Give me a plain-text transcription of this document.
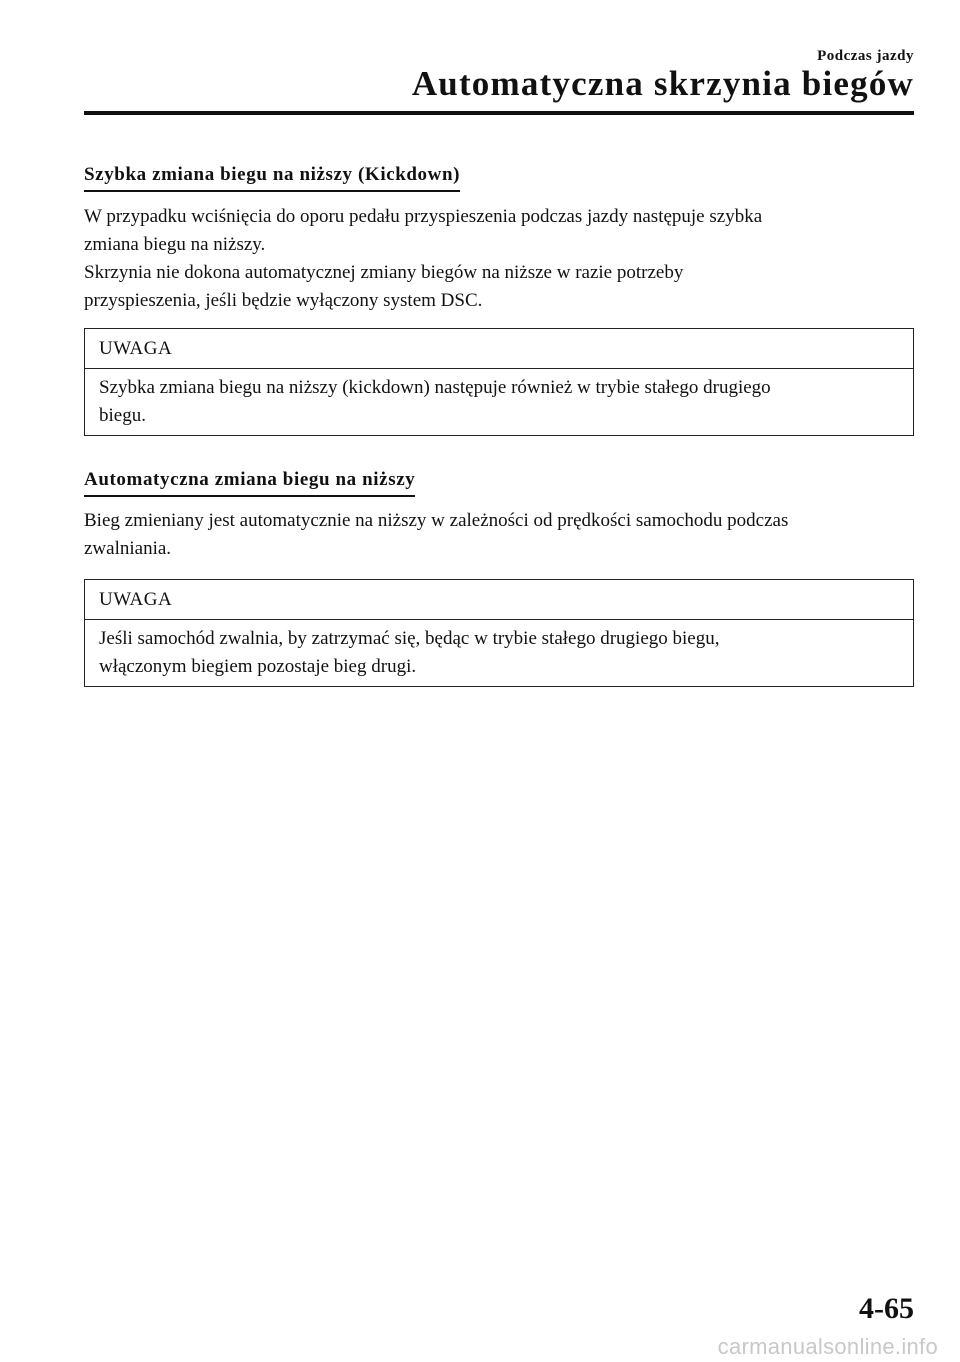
Podczas jazdy

Automatyczna skrzynia biegów
Szybka zmiana biegu na niższy (Kickdown)

W przypadku wciśnięcia do oporu pedału przyspieszenia podczas jazdy następuje szybka

zmiana biegu na niższy.

Skrzynia nie dokona automatycznej zmiany biegów na niższe w razie potrzeby

przyspieszenia, jeśli będzie wyłączony system DSC.

UWAGA
Szybka zmiana biegu na niższy (kickdown) następuje również w trybie stałego drugiego
biegu.
Automatyczna zmiana biegu na niższy

Bieg zmieniany jest automatycznie na niższy w zależności od prędkości samochodu podczas

zwalniania.

UWAGA
Jeśli samochód zwalnia, by zatrzymać się, będąc w trybie stałego drugiego biegu,
włączonym biegiem pozostaje bieg drugi.

4-65

carmanualsonline.info
